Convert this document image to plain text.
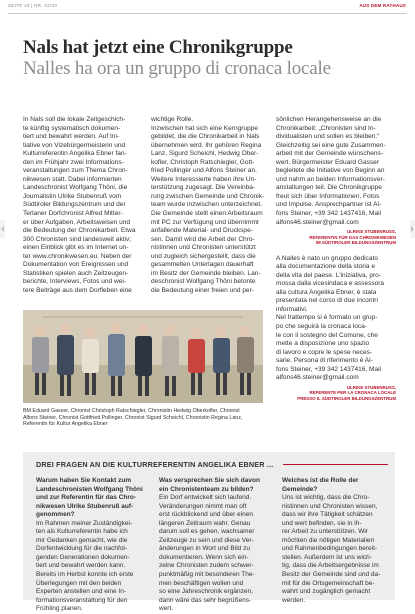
SEITE 10 | NR. 02/23	AUS DEM RATHAUS
Nals hat jetzt eine Chronikgruppe
Nalles ha ora un gruppo di cronaca locale

In Nals soll die lokale Zeitgeschich-

te künftig systematisch dokumen-

tiert und bewahrt werden. Auf Ini-

tiative von Vizebürgermeisterin und

Kulturreferentin Angelika Ebner fan-

den im Frühjahr zwei Informations-

veranstaltungen zum Thema Chron-

nikwesen statt. Dabei informierten

Landeschronist Wolfgang Thöni, die

Journalistin Ulrike Stubenruß vom

Südtiroler Bildungszentrum und der

Terlaner Dorfchronist Alfred Mitter-

er über Aufgaben, Arbeitsweisen und

die Bedeutung der Chronikarbeit. Etwa

300 Chronisten sind landesweit aktiv;

einen Einblick gibt es im Internet un-

ter www.chronikwesen.eu. Neben der

Dokumentation von Ereignissen und

Statistiken spielen auch Zeitzeugen-

berichte, Interviews, Fotos und wei-

tere Beiträge aus dem Dorfleben eine

wichtige Rolle.

Inzwischen hat sich eine Kerngruppe

gebildet, die die Chronikarbeit in Nals

übernehmen wird. Ihr gehören Regina

Lanz, Sigurd Scheichl, Hedwig Ober-

kofler, Christoph Ratschiegler, Gott-

fried Pollinger und Alfons Steiner an.

Weitere Interessierte haben ihre Un-

terstützung zugesagt. Die Vereinba-

rung zwischen Gemeinde und Chronik-

team wurde inzwischen unterzeichnet.

Die Gemeinde stellt einen Arbeitsraum

mit PC zur Verfügung und übernimmt

anfallende Material- und Druckspe-

sen. Damit wird die Arbeit der Chro-

nistinnen und Chronisten unterstützt

und zugleich sichergestellt, dass die

gesammelten Unterlagen dauerhaft

im Besitz der Gemeinde bleiben. Lan-

deschronist Wolfgang Thöni betonte

die Bedeutung einer freien und per-

sönlichen Herangehensweise an die

Chronikarbeit: „Chronisten sind In-

dividualisten und sollen es bleiben.“

Gleichzeitig sei eine gute Zusammen-

arbeit mit der Gemeinde wünschens-

wert. Bürgermeister Eduard Gasser

begleitete die Initiative von Beginn an

und nahm an beiden Informationsver-

anstaltungen teil. Die Chronikgruppe

freut sich über Informationen, Fotos

und Impulse. Ansprechpartner ist Al-

fons Steiner, +39 342 1437416, Mail

alfons46.steiner@gmail.com

ULRIKE STUBENRUSS,

REFERENTIN FÜR DAS CHRONIKWESEN

IM SÜDTIROLER BILDUNGSZENTRUM

A Nalles è nato un gruppo dedicato

alla documentazione della storia e

della vita del paese. L'iniziativa, pro-

mossa dalla vicesindaca e assessora

alla cultura Angelika Ebner, è stata

presentata nel corso di due incontri

informativi.

Nel frattempo si è formato un grup-

po che seguirà la cronaca loca-

le con il sostegno del Comune, che

mette a disposizione uno spazio

di lavoro e copre le spese neces-

sarie. Persona di riferimento è Al-

fons Steiner, +39 342 1437416, Mail

alfons46.steiner@gmail.com

ULRIKE STUBENRUSS,

REFERENTE PER LA CRONACA LOCALE

PRESSO IL SÜDTIROLER BILDUNGSZENTRUM

BM Eduard Gasser, Chronist Christoph Ratschiegler, Chronistin Hedwig Oberkofler, Chronist

Alfons Steiner, Chronist Gottfried Pollinger, Chronist Sigurd Scheichl, Chronistin Regina Lanz,

Referentin für Kultur Angelika Ebner

DREI FRAGEN AN DIE KULTURREFERENTIN ANGELIKA EBNER ...

Warum haben Sie Kontakt zum

Landeschronisten Wolfgang Thöni

und zur Referentin für das Chro-

nikwesen Ulrike Stubenruß auf-

genommen?

Im Rahmen meiner Zuständigkei-

ten als Kulturreferentin habe ich

mir Gedanken gemacht, wie die

Dorfentwicklung für die nachfol-

genden Generationen dokumen-

tiert und bewahrt werden kann.

Bereits im Herbst konnte ich erste

Überlegungen mit den beiden

Experten anstellen und eine In-

formationsveranstaltung für den

Frühling planen.

Was versprechen Sie sich davon

ein Chronistenteam zu bilden?

Ein Dorf entwickelt sich laufend.

Veränderungen nimmt man oft

erst rückblickend und über einen

längeren Zeitraum wahr. Genau

darum soll es gehen, wachsamer

Zeitzeuge zu sein und diese Ver-

änderungen in Wort und Bild zu

dokumentieren. Wenn sich ein-

zelne Chronisten zudem schwer-

punktmäßig mit besonderen The-

men beschäftigen wollen und

so eine Jahreschronik ergänzen,

dann wäre das sehr begrüßens-

wert.

Welches ist die Rolle der

Gemeinde?

Uns ist wichtig, dass die Chro-

nistinnen und Chronisten wissen,

dass wir ihre Tätigkeit schätzen

und wert befinden, sie in ih-

rer Arbeit zu unterstützen. Wir

möchten die nötigen Materialien

und Rahmenbedingungen bereit-

stellen. Außerdem ist uns wich-

tig, dass die Arbeitsergebnisse im

Besitz der Gemeinde sind und da-

mit für die Ortsgemeinschaft be-

wahrt und zugänglich gemacht

werden.
